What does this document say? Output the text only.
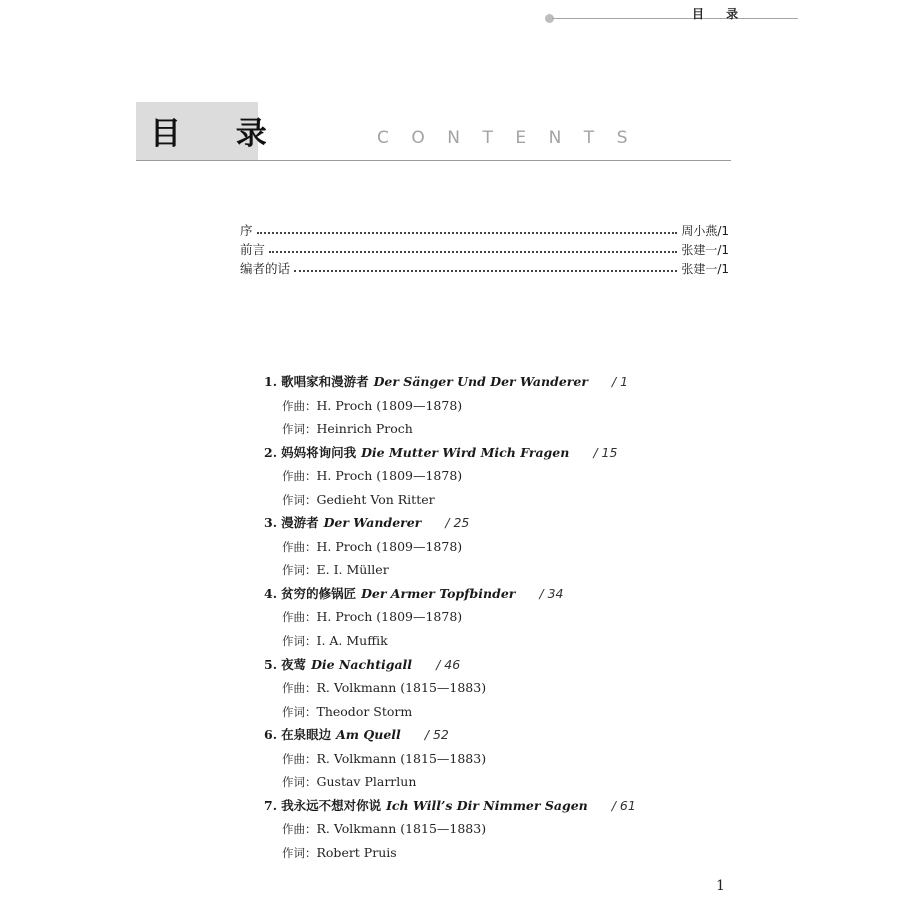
目 录
目 录	CONTENTS
序	周小燕/1
前言	张建一/1
编者的话	张建一/1
1. 歌唱家和漫游者 Der Sänger Und Der Wanderer / 1
作曲：H. Proch (1809—1878)
作词：Heinrich Proch
2. 妈妈将询问我 Die Mutter Wird Mich Fragen / 15
作曲：H. Proch (1809—1878)
作词：Gedieht Von Ritter
3. 漫游者 Der Wanderer / 25
作曲：H. Proch (1809—1878)
作词：E. I. Müller
4. 贫穷的修锅匠 Der Armer Topfbinder / 34
作曲：H. Proch (1809—1878)
作词：I. A. Muffik
5. 夜莺 Die Nachtigall / 46
作曲：R. Volkmann (1815—1883)
作词：Theodor Storm
6. 在泉眼边 Am Quell / 52
作曲：R. Volkmann (1815—1883)
作词：Gustav Plarrlun
7. 我永远不想对你说 Ich Will’s Dir Nimmer Sagen / 61
作曲：R. Volkmann (1815—1883)
作词：Robert Pruis
1
